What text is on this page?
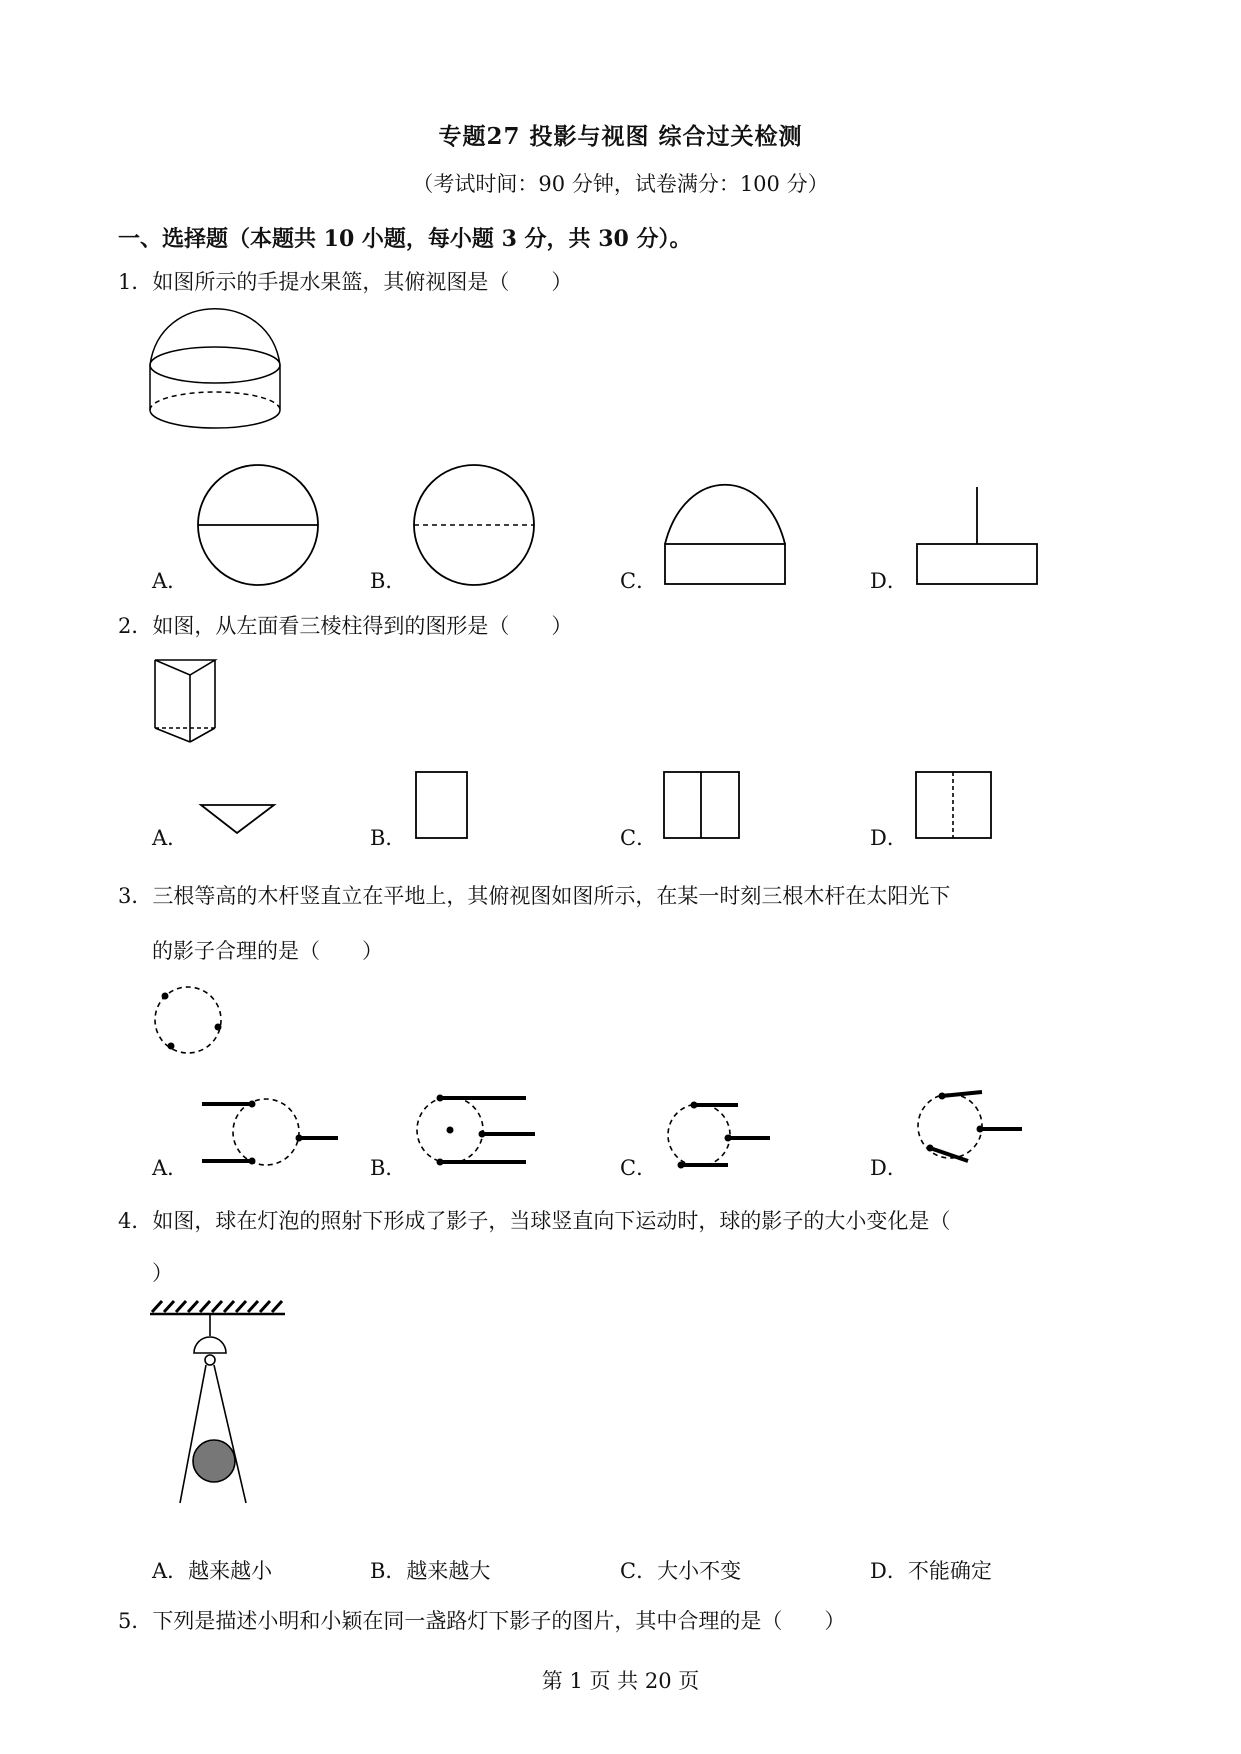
专题27 投影与视图 综合过关检测
（考试时间：90 分钟，试卷满分：100 分）
一、选择题（本题共 10 小题，每小题 3 分，共 30 分）。
1．如图所示的手提水果篮，其俯视图是（　　）
A．	B．	C．	D．
2．如图，从左面看三棱柱得到的图形是（　　）
A．	B．	C．	D．
3．三根等高的木杆竖直立在平地上，其俯视图如图所示，在某一时刻三根木杆在太阳光下
的影子合理的是（　　）
A．	B．	C．	D．
4．如图，球在灯泡的照射下形成了影子，当球竖直向下运动时，球的影子的大小变化是（
）
A．越来越小	B．越来越大	C．大小不变	D．不能确定
5．下列是描述小明和小颖在同一盏路灯下影子的图片，其中合理的是（　　）
第 1 页 共 20 页
